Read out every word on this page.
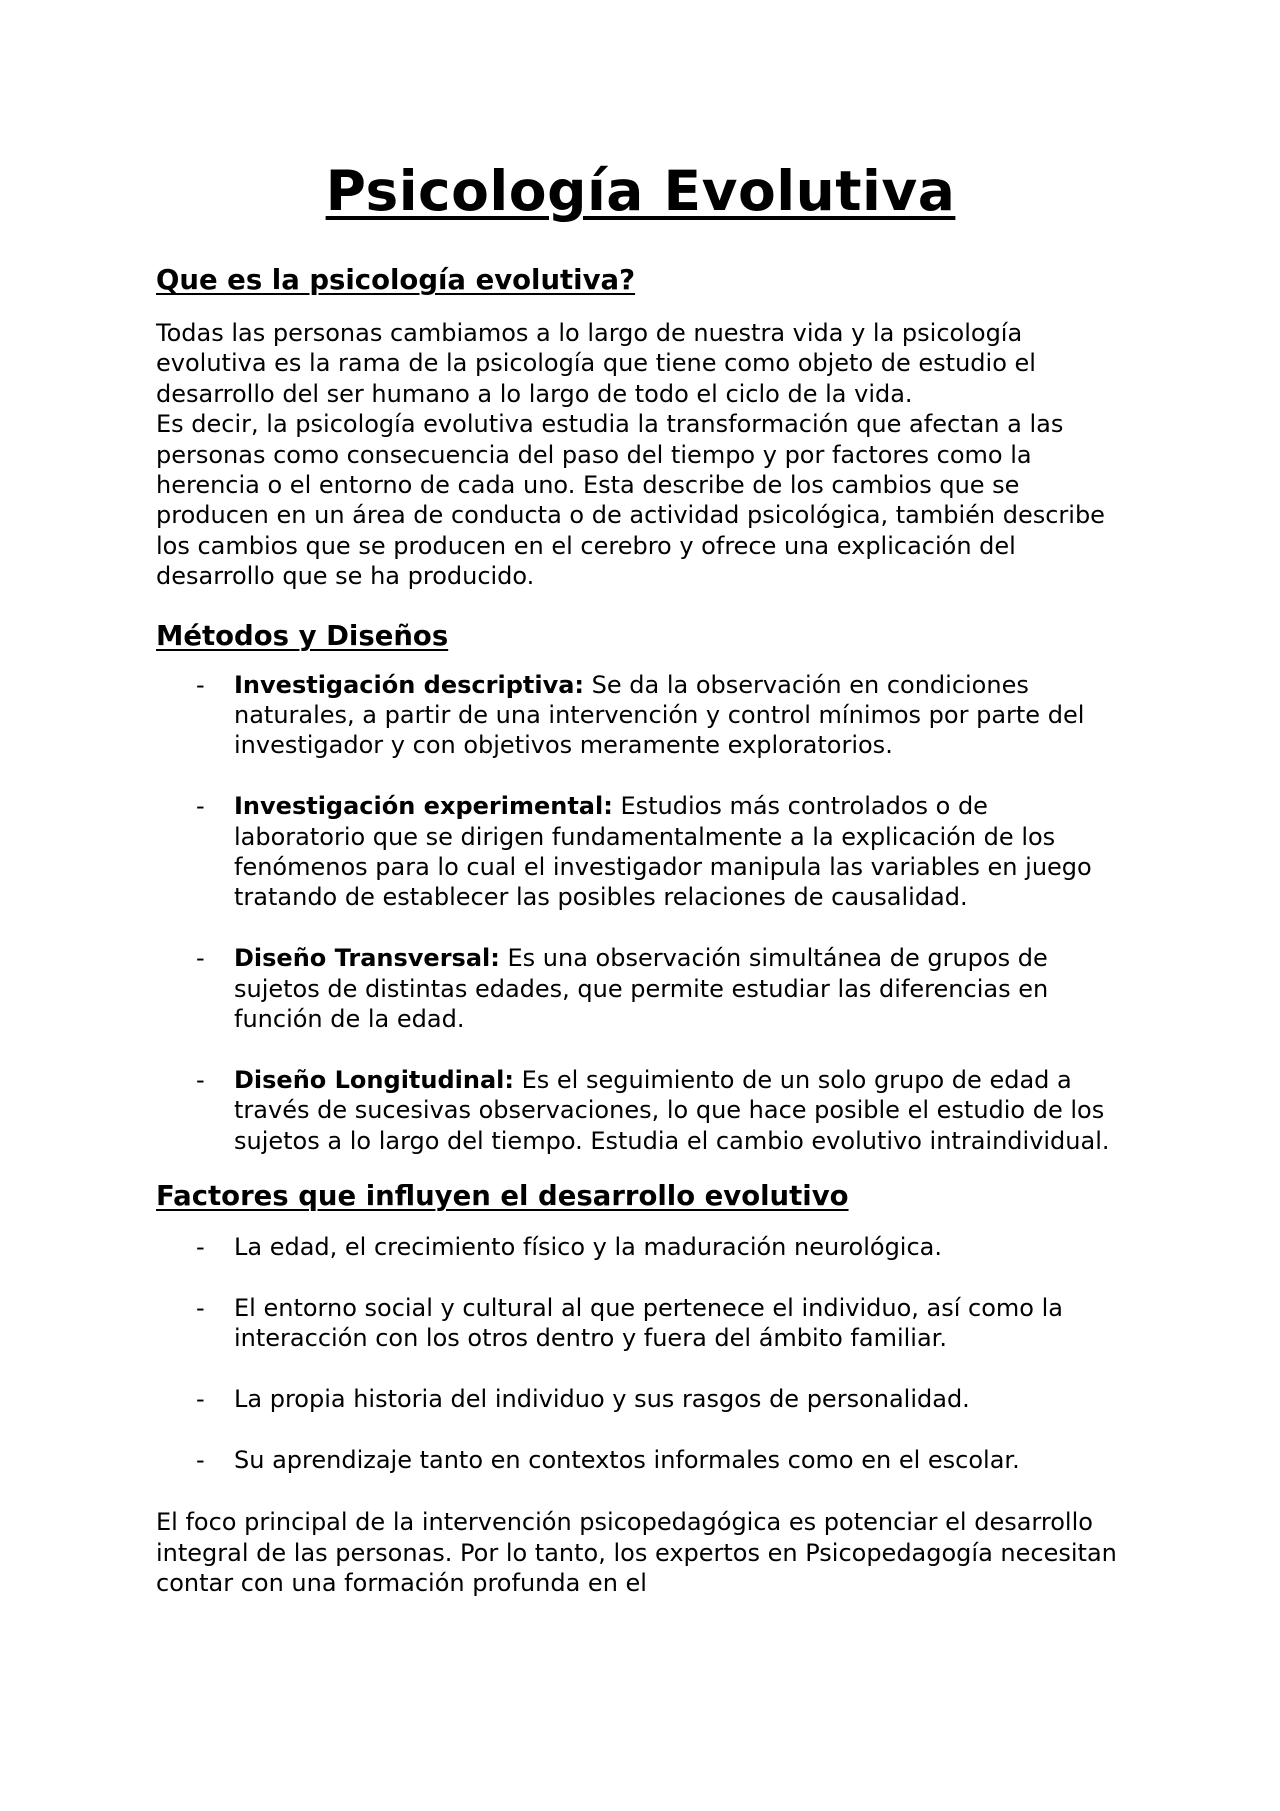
Psicología Evolutiva
Que es la psicología evolutiva?

Todas las personas cambiamos a lo largo de nuestra vida y la psicología evolutiva es la rama de la psicología que tiene como objeto de estudio el desarrollo del ser humano a lo largo de todo el ciclo de la vida.

Es decir, la psicología evolutiva estudia la transformación que afectan a las personas como consecuencia del paso del tiempo y por factores como la herencia o el entorno de cada uno. Esta describe de los cambios que se producen en un área de conducta o de actividad psicológica, también describe los cambios que se producen en el cerebro y ofrece una explicación del desarrollo que se ha producido.

Métodos y Diseños
- Investigación descriptiva: Se da la observación en condiciones naturales, a partir de una intervención y control mínimos por parte del investigador y con objetivos meramente exploratorios.
- Investigación experimental: Estudios más controlados o de laboratorio que se dirigen fundamentalmente a la explicación de los fenómenos para lo cual el investigador manipula las variables en juego tratando de establecer las posibles relaciones de causalidad.
- Diseño Transversal: Es una observación simultánea de grupos de sujetos de distintas edades, que permite estudiar las diferencias en función de la edad.
- Diseño Longitudinal: Es el seguimiento de un solo grupo de edad a través de sucesivas observaciones, lo que hace posible el estudio de los sujetos a lo largo del tiempo. Estudia el cambio evolutivo intraindividual.
Factores que influyen el desarrollo evolutivo
- La edad, el crecimiento físico y la maduración neurológica.
- El entorno social y cultural al que pertenece el individuo, así como la interacción con los otros dentro y fuera del ámbito familiar.
- La propia historia del individuo y sus rasgos de personalidad.
- Su aprendizaje tanto en contextos informales como en el escolar.

El foco principal de la intervención psicopedagógica es potenciar el desarrollo integral de las personas. Por lo tanto, los expertos en Psicopedagogía necesitan contar con una formación profunda en el
